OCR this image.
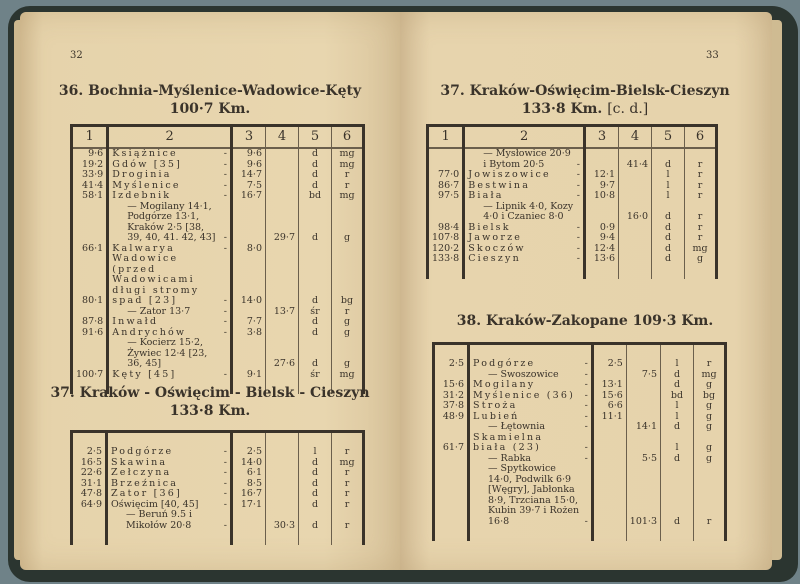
32
36. Bochnia-Myślenice-Wadowice-Kęty
100·7 Km.
1	2	3	4	5	6
9·6	Książnice -	9·6		d	mg
19·2	Gdów [35] -	9·6		d	mg
33·9	Droginia -	14·7		d	r
41·4	Myślenice -	7·5		d	r
58·1	Izdebnik -	16·7		bd	mg

	— Mogilany 14·1, Podgórze 13·1, Kraków 2·5 [38, 39, 40, 41. 42, 43] -		29·7	d	g
66·1	Kalwarya -	8·0			
80·1	Wadowice (przed Wadowicami długi stromy spad [23] -	14·0		d	bg

	— Zator 13·7 -		13·7	śr	r
87·8	Inwałd -	7·7		d	g
91·6	Andrychów -	3·8		d	g

	— Kocierz 15·2, Żywiec 12·4 [23, 36, 45]		27·6	d	g
100·7	Kęty [45] -	9·1		śr	mg

37. Kraków - Oświęcim - Bielsk - Cieszyn
133·8 Km.

2·5	Podgórze -	2·5		l	r
16·5	Skawina -	14·0		d	mg
22·6	Zełczyna -	6·1		d	r
31·1	Brzeźnica -	8·5		d	r
47·8	Zator [36] -	16·7		d	r
64·9	Oświęcim [40, 45] -	17·1		d	r

	— Beruń 9.5 i Mikołów 20·8 -		30·3	d	r

33
37. Kraków-Oświęcim-Bielsk-Cieszyn
133·8 Km. [c. d.]
1	2	3	4	5	6

	— Mysłowice 20·9 i Bytom 20·5 -		41·4	d	r
77·0	Jowiszowice -	12·1		l	r
86·7	Bestwina -	9·7		l	r
97·5	Biała -	10·8		l	r

	— Lipnik 4·0, Kozy 4·0 i Czaniec 8·0		16·0	d	r
98·4	Bielsk -	0·9		d	r
107·8	Jaworze -	9·4		d	r
120·2	Skoczów -	12·4		d	mg
133·8	Cieszyn -	13·6		d	g

38. Kraków-Zakopane 109·3 Km.

2·5	Podgórze -	2·5		l	r

	— Swoszowice -		7·5	d	mg
15·6	Mogilany -	13·1		d	g
31·2	Myślenice (36) -	15·6		bd	bg
37·8	Stroża -	6·6		l	g
48·9	Lubień -	11·1		l	g

	— Łętownia -		14·1	d	g
61·7	Skamielna biała (23) -			l	g

	— Rabka -		5·5	d	g

	— Spytkowice 14·0, Podwilk 6·9 [Węgry], Jabłonka 8·9, Trzciana 15·0, Kubin 39·7 i Rożen 16·8 -		101·3	d	r
